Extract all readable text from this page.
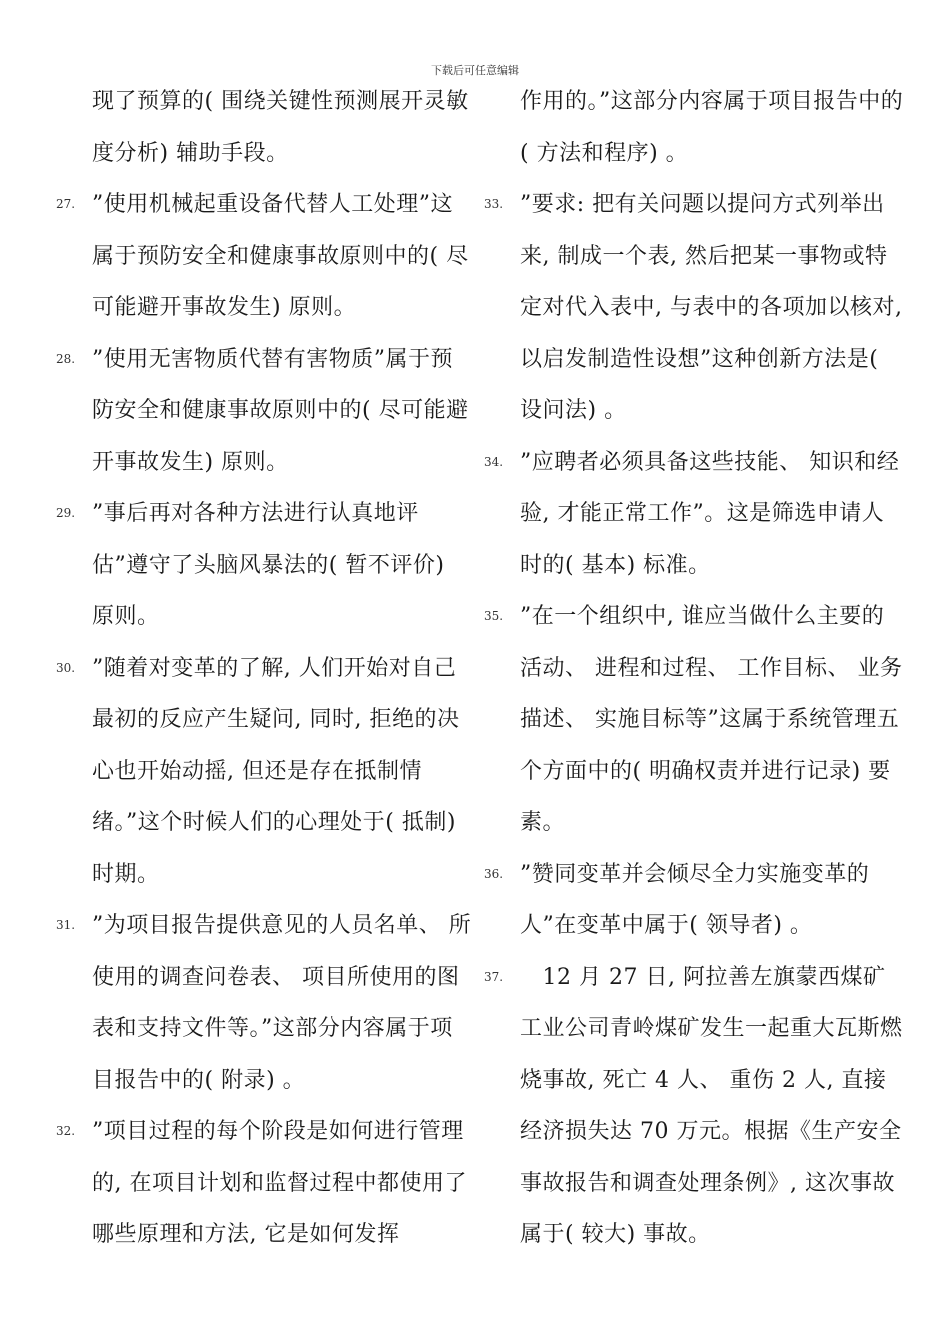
下载后可任意编辑
现了预算的( 围绕关键性预测展开灵敏度分析) 辅助手段。
27. ”使用机械起重设备代替人工处理”这属于预防安全和健康事故原则中的( 尽可能避开事故发生) 原则。
28. ”使用无害物质代替有害物质”属于预防安全和健康事故原则中的( 尽可能避开事故发生) 原则。
29. ”事后再对各种方法进行认真地评估”遵守了头脑风暴法的( 暂不评价) 原则。
30. ”随着对变革的了解, 人们开始对自己最初的反应产生疑问, 同时, 拒绝的决心也开始动摇, 但还是存在抵制情绪。”这个时候人们的心理处于( 抵制) 时期。
31. ”为项目报告提供意见的人员名单、 所使用的调查问卷表、 项目所使用的图表和支持文件等。”这部分内容属于项目报告中的( 附录) 。
32. ”项目过程的每个阶段是如何进行管理的, 在项目计划和监督过程中都使用了哪些原理和方法, 它是如何发挥
作用的。”这部分内容属于项目报告中的( 方法和程序) 。
33. ”要求: 把有关问题以提问方式列举出来, 制成一个表, 然后把某一事物或特定对代入表中, 与表中的各项加以核对, 以启发制造性设想”这种创新方法是( 设问法) 。
34. ”应聘者必须具备这些技能、 知识和经验, 才能正常工作”。这是筛选申请人时的( 基本) 标准。
35. ”在一个组织中, 谁应当做什么主要的活动、 进程和过程、 工作目标、 业务描述、 实施目标等”这属于系统管理五个方面中的( 明确权责并进行记录) 要素。
36. ”赞同变革并会倾尽全力实施变革的人”在变革中属于( 领导者) 。
37. 　12 月 27 日, 阿拉善左旗蒙西煤矿工业公司青岭煤矿发生一起重大瓦斯燃烧事故, 死亡 4 人、 重伤 2 人, 直接经济损失达 70 万元。根据《生产安全事故报告和调查处理条例》, 这次事故属于( 较大) 事故。
